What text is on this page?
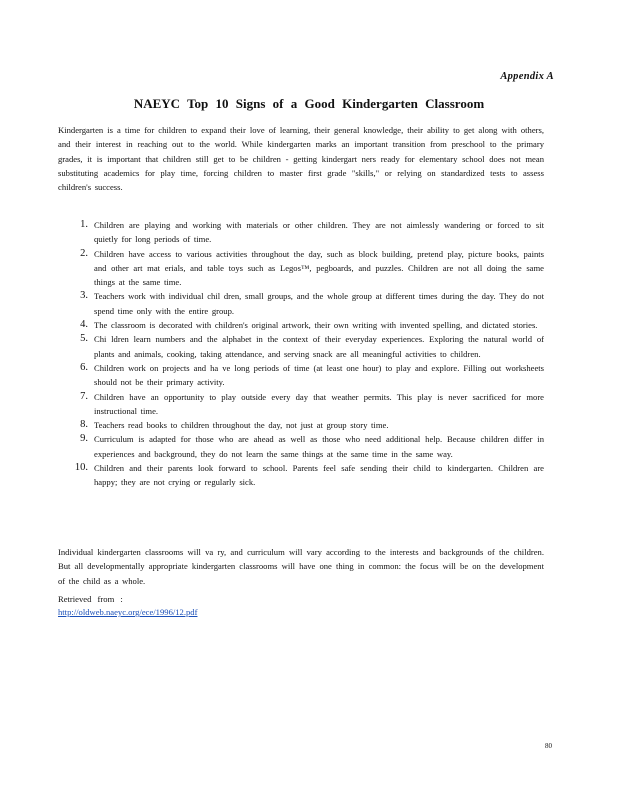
Appendix A
NAEYC Top 10 Signs of a Good Kindergarten Classroom
Kindergarten is a time for children to expand their love of learning, their general knowledge, their ability to get along with others, and their interest in reaching out to the world. While kindergarten marks an important transition from preschool to the primary grades, it is important that children still get to be children - getting kindergart ners ready for elementary school does not mean substituting academics for play time, forcing children to master first grade "skills," or relying on standardized tests to assess children's success.
1. Children are playing and working with materials or other children. They are not aimlessly wandering or forced to sit quietly for long periods of time.
2. Children have access to various activities throughout the day, such as block building, pretend play, picture books, paints and other art mat erials, and table toys such as Legos™, pegboards, and puzzles. Children are not all doing the same things at the same time.
3. Teachers work with individual chil dren, small groups, and the whole group at different times during the day. They do not spend time only with the entire group.
4. The classroom is decorated with children's original artwork, their own writing with invented spelling, and dictated stories.
5. Chi ldren learn numbers and the alphabet in the context of their everyday experiences. Exploring the natural world of plants and animals, cooking, taking attendance, and serving snack are all meaningful activities to children.
6. Children work on projects and ha ve long periods of time (at least one hour) to play and explore. Filling out worksheets should not be their primary activity.
7. Children have an opportunity to play outside every day that weather permits. This play is never sacrificed for more instructional time.
8. Teachers read books to children throughout the day, not just at group story time.
9. Curriculum is adapted for those who are ahead as well as those who need additional help. Because children differ in experiences and background, they do not learn the same things at the same time in the same way.
10. Children and their parents look forward to school. Parents feel safe sending their child to kindergarten. Children are happy; they are not crying or regularly sick.
Individual kindergarten classrooms will va ry, and curriculum will vary according to the interests and backgrounds of the children. But all developmentally appropriate kindergarten classrooms will have one thing in common: the focus will be on the development of the child as a whole.
Retrieved from :
http://oldweb.naeyc.org/ece/1996/12.pdf
80
